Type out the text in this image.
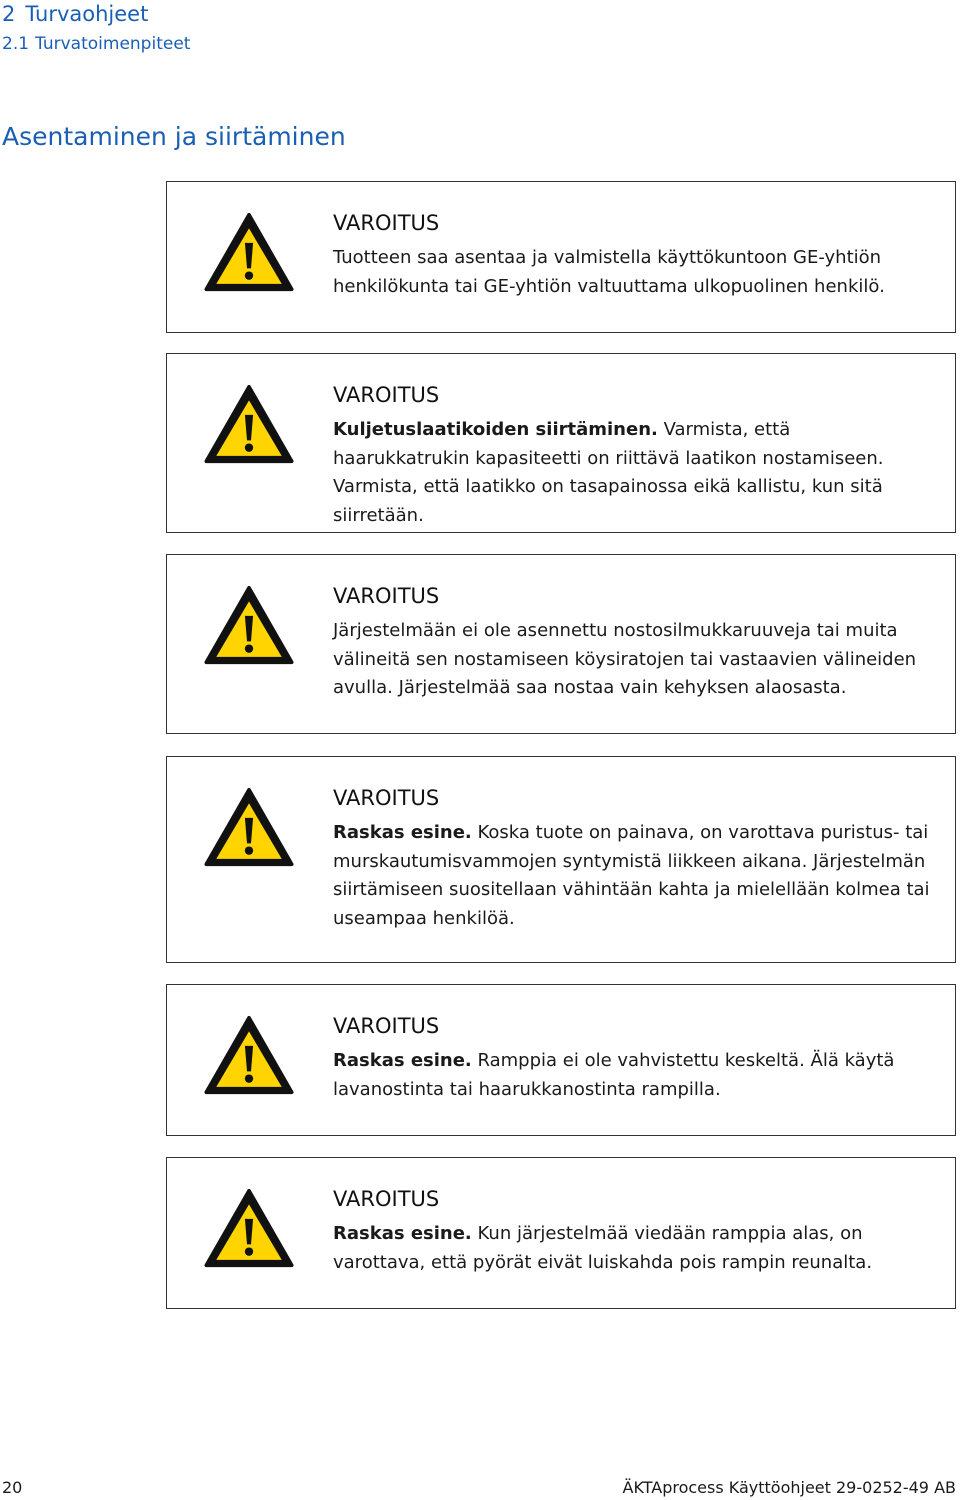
2 Turvaohjeet
2.1 Turvatoimenpiteet
Asentaminen ja siirtäminen
VAROITUS

Tuotteen saa asentaa ja valmistella käyttökuntoon GE-yhtiön henkilökunta tai GE-yhtiön valtuuttama ulkopuolinen henkilö.

VAROITUS

Kuljetuslaatikoiden siirtäminen. Varmista, että haarukkatrukin kapasiteetti on riittävä laatikon nostamiseen. Varmista, että laatikko on tasapainossa eikä kallistu, kun sitä siirretään.

VAROITUS

Järjestelmään ei ole asennettu nostosilmukkaruuveja tai muita välineitä sen nostamiseen köysiratojen tai vastaavien välineiden avulla. Järjestelmää saa nostaa vain kehyksen alaosasta.

VAROITUS

Raskas esine. Koska tuote on painava, on varottava puristus- tai murskautumisvammojen syntymistä liikkeen aikana. Järjestelmän siirtämiseen suositellaan vähintään kahta ja mielellään kolmea tai useampaa henkilöä.

VAROITUS

Raskas esine. Ramppia ei ole vahvistettu keskeltä. Älä käytä lavanostinta tai haarukkanostinta rampilla.

VAROITUS

Raskas esine. Kun järjestelmää viedään ramppia alas, on varottava, että pyörät eivät luiskahda pois rampin reunalta.

20	ÄKTAprocess Käyttöohjeet 29-0252-49 AB
